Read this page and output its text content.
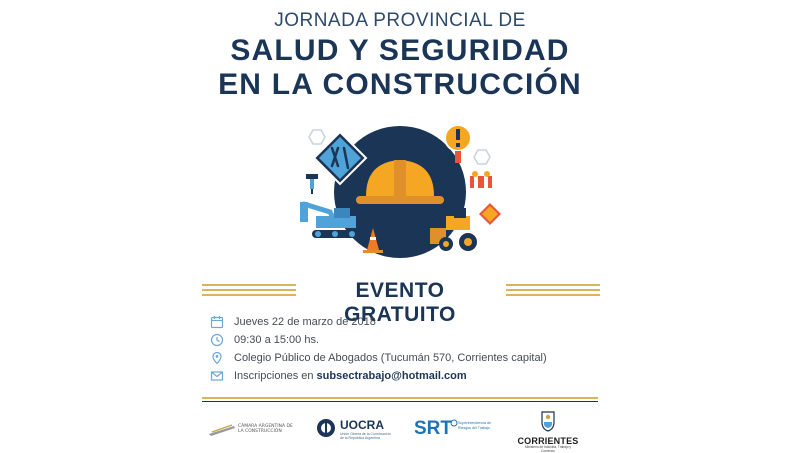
JORNADA PROVINCIAL DE
SALUD Y SEGURIDAD
EN LA CONSTRUCCIÓN
EVENTO GRATUITO
Jueves 22 de marzo de 2018
09:30 a 15:00 hs.
Colegio Público de Abogados (Tucumán 570, Corrientes capital)
Inscripciones en subsectrabajo@hotmail.com
CÁMARA ARGENTINA DE LA CONSTRUCCIÓN	UOCRA
Unión Obrera de la Construcción de la República Argentina	SRT Superintendencia de Riesgos del Trabajo
CORRIENTES
Ministerio de Industria, Trabajo y Comercio
